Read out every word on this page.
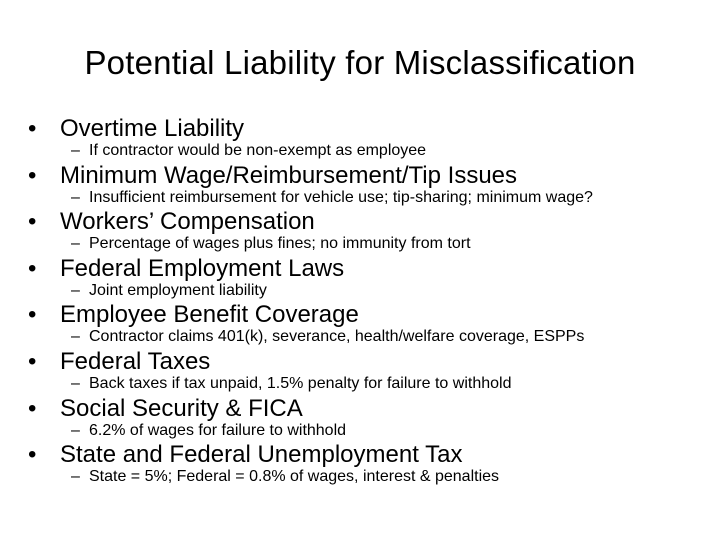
Potential Liability for Misclassification
• Overtime Liability
– If contractor would be non-exempt as employee
• Minimum Wage/Reimbursement/Tip Issues
– Insufficient reimbursement for vehicle use; tip-sharing; minimum wage?
• Workers’ Compensation
– Percentage of wages plus fines; no immunity from tort
• Federal Employment Laws
– Joint employment liability
• Employee Benefit Coverage
– Contractor claims 401(k), severance, health/welfare coverage, ESPPs
• Federal Taxes
– Back taxes if tax unpaid, 1.5% penalty for failure to withhold
• Social Security & FICA
– 6.2% of wages for failure to withhold
• State and Federal Unemployment Tax
– State = 5%; Federal = 0.8% of wages, interest & penalties
